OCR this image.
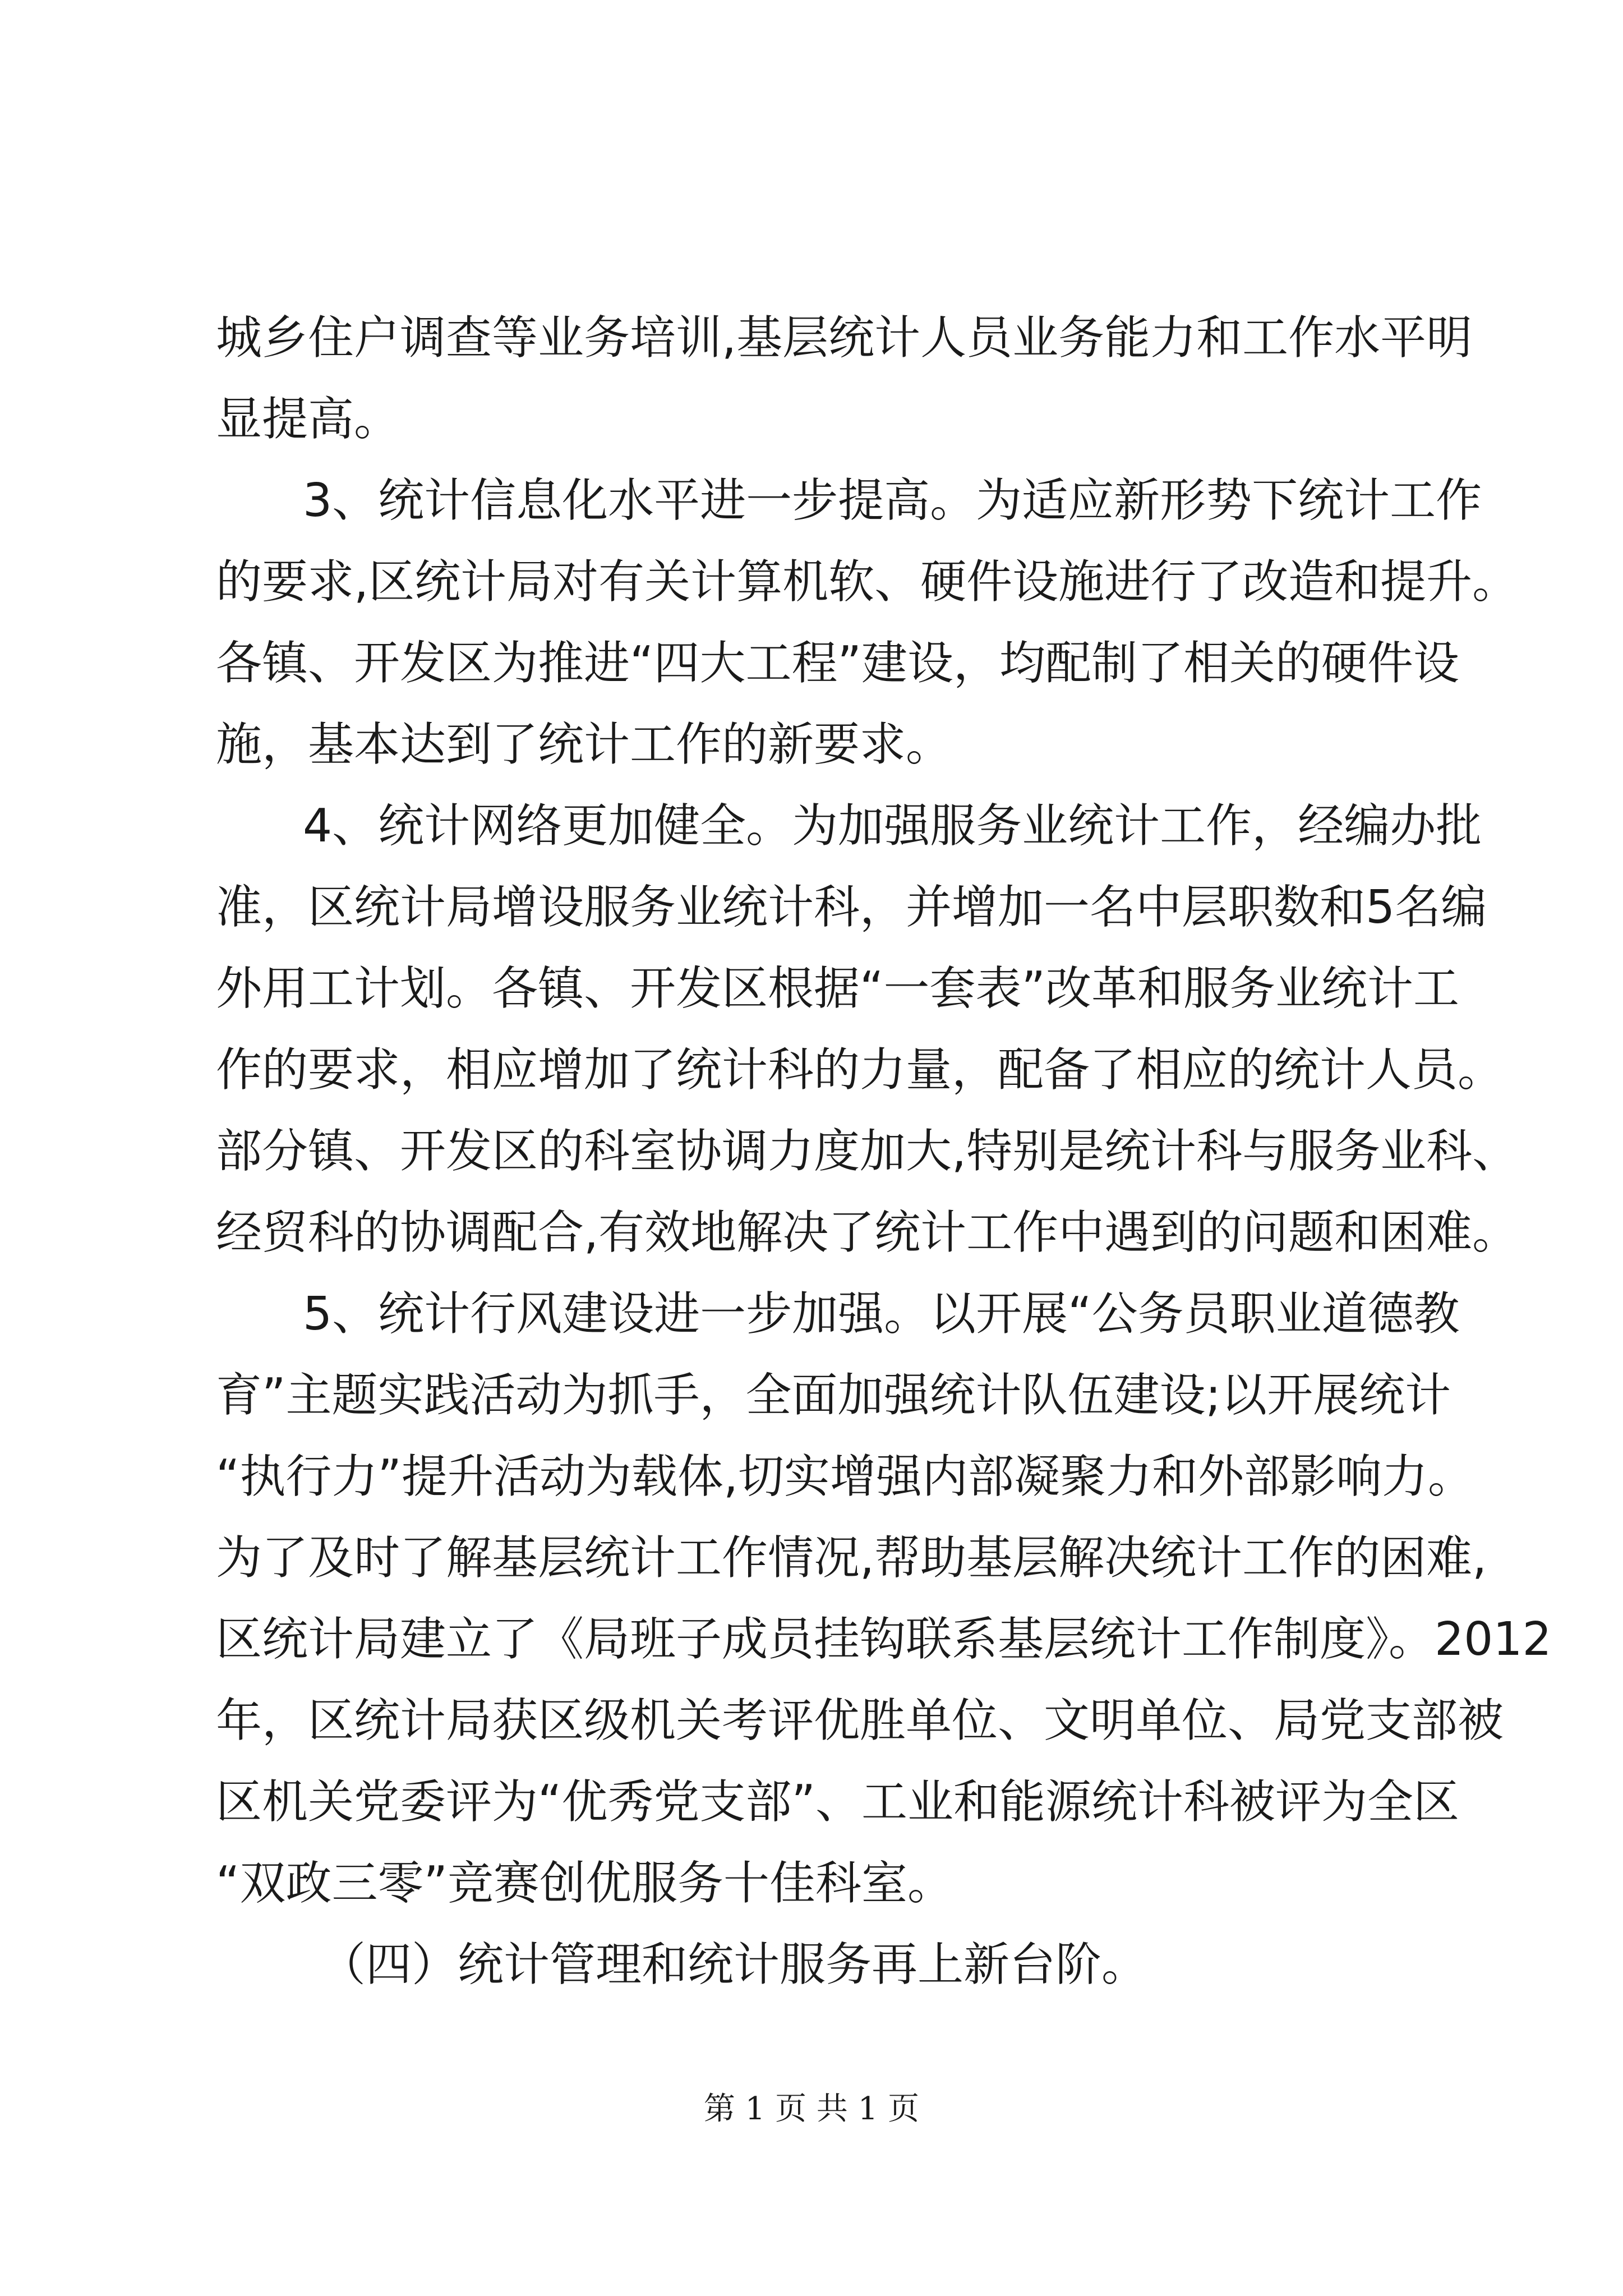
城乡住户调查等业务培训,基层统计人员业务能力和工作水平明
显提高。
3、统计信息化水平进一步提高。为适应新形势下统计工作
的要求,区统计局对有关计算机软、硬件设施进行了改造和提升。
各镇、开发区为推进“四大工程”建设，均配制了相关的硬件设
施，基本达到了统计工作的新要求。
4、统计网络更加健全。为加强服务业统计工作，经编办批
准，区统计局增设服务业统计科，并增加一名中层职数和5名编
外用工计划。各镇、开发区根据“一套表”改革和服务业统计工
作的要求，相应增加了统计科的力量，配备了相应的统计人员。
部分镇、开发区的科室协调力度加大,特别是统计科与服务业科、
经贸科的协调配合,有效地解决了统计工作中遇到的问题和困难。
5、统计行风建设进一步加强。以开展“公务员职业道德教
育”主题实践活动为抓手，全面加强统计队伍建设;以开展统计
“执行力”提升活动为载体,切实增强内部凝聚力和外部影响力。
为了及时了解基层统计工作情况,帮助基层解决统计工作的困难,
区统计局建立了《局班子成员挂钩联系基层统计工作制度》。2012
年，区统计局获区级机关考评优胜单位、文明单位、局党支部被
区机关党委评为“优秀党支部”、工业和能源统计科被评为全区
“双政三零”竞赛创优服务十佳科室。
（四）统计管理和统计服务再上新台阶。
第 1 页 共 1 页
